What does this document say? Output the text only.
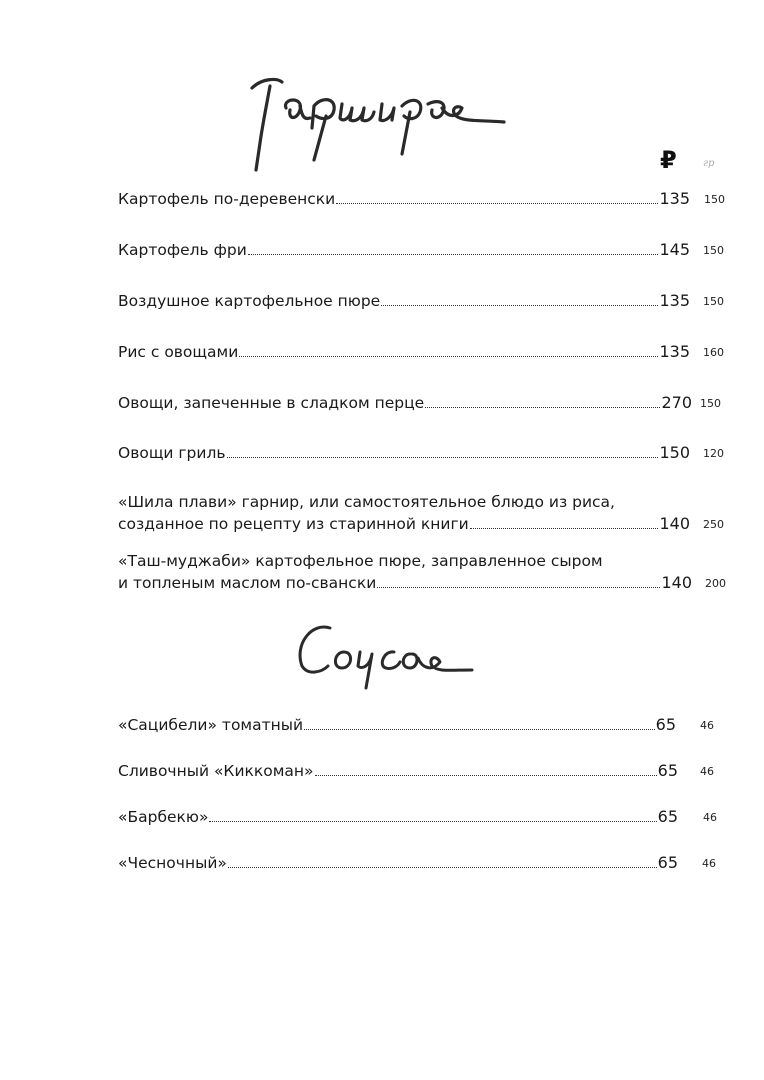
₽	гр
Картофель по-деревенски	135 150
Картофель фри	145 150
Воздушное картофельное пюре	135 150
Рис с овощами	135 160
Овощи, запеченные в сладком перце	270 150
Овощи гриль	150 120
«Шила плави» гарнир, или самостоятельное блюдо из риса,
созданное по рецепту из старинной книги	140 250
«Таш-муджаби» картофельное пюре, заправленное сыром
и топленым маслом по-свански	140 200
«Сацибели» томатный	65 46
Сливочный «Киккоман»	65 46
«Барбекю»	65 46
«Чесночный»	65 46
